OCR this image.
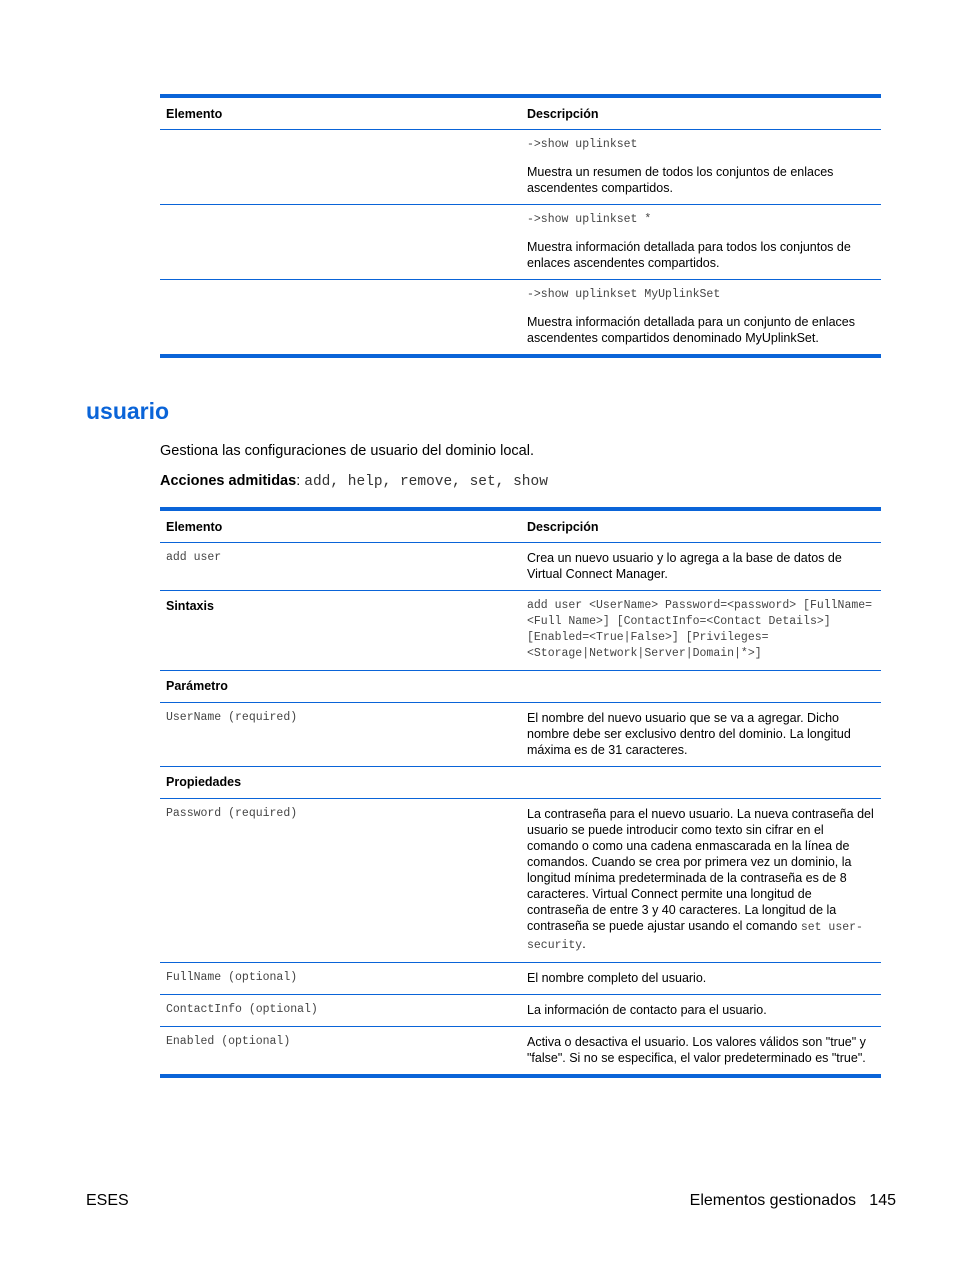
Elemento	Descripción

	->show uplinkset
Muestra un resumen de todos los conjuntos de enlaces ascendentes compartidos.

	->show uplinkset *
Muestra información detallada para todos los conjuntos de enlaces ascendentes compartidos.

	->show uplinkset MyUplinkSet
Muestra información detallada para un conjunto de enlaces ascendentes compartidos denominado MyUplinkSet.
usuario

Gestiona las configuraciones de usuario del dominio local.

Acciones admitidas: add, help, remove, set, show

Elemento	Descripción
add user	Crea un nuevo usuario y lo agrega a la base de datos de Virtual Connect Manager.
Sintaxis	add user <UserName> Password=<password> [FullName=<Full Name>] [ContactInfo=<Contact Details>] [Enabled=<True|False>] [Privileges=<Storage|Network|Server|Domain|*>]
Parámetro	
UserName (required)	El nombre del nuevo usuario que se va a agregar. Dicho nombre debe ser exclusivo dentro del dominio. La longitud máxima es de 31 caracteres.
Propiedades	
Password (required)	La contraseña para el nuevo usuario. La nueva contraseña del usuario se puede introducir como texto sin cifrar en el comando o como una cadena enmascarada en la línea de comandos. Cuando se crea por primera vez un dominio, la longitud mínima predeterminada de la contraseña es de 8 caracteres. Virtual Connect permite una longitud de contraseña de entre 3 y 40 caracteres. La longitud de la contraseña se puede ajustar usando el comando set user-security.
FullName (optional)	El nombre completo del usuario.
ContactInfo (optional)	La información de contacto para el usuario.
Enabled (optional)	Activa o desactiva el usuario. Los valores válidos son "true" y "false". Si no se especifica, el valor predeterminado es "true".
ESES	Elementos gestionados   145
